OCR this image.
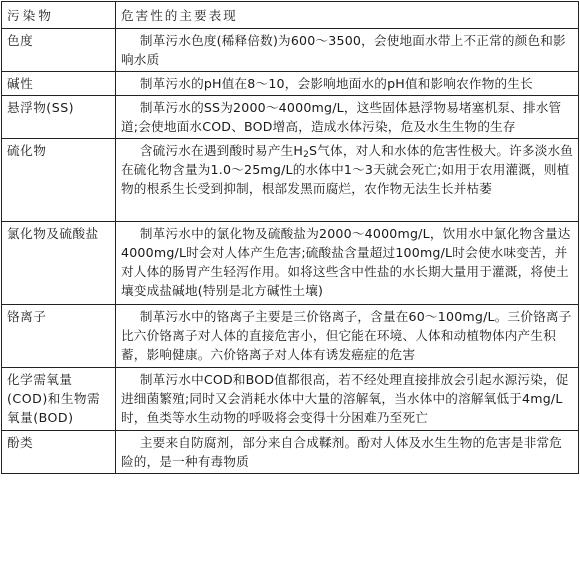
污染物	危害性的主要表现
色度	制革污水色度(稀释倍数)为600～3500，会使地面水带上不正常的颜色和影响水质
碱性	制革污水的pH值在8～10，会影响地面水的pH值和影响农作物的生长
悬浮物(SS)	制革污水的SS为2000～4000mg/L，这些固体悬浮物易堵塞机泵、排水管道;会使地面水COD、BOD增高，造成水体污染，危及水生生物的生存
硫化物	含硫污水在遇到酸时易产生$H_2S$气体，对人和水体的危害性极大。许多淡水鱼在硫化物含量为1.0～25mg/L的水体中1～3天就会死亡;如用于农用灌溉，则植物的根系生长受到抑制，根部发黑而腐烂，农作物无法生长并枯萎
氯化物及硫酸盐	制革污水中的氯化物及硫酸盐为2000～4000mg/L，饮用水中氯化物含量达4000mg/L时会对人体产生危害;硫酸盐含量超过100mg/L时会使水味变苦，并对人体的肠胃产生轻泻作用。如将这些含中性盐的水长期大量用于灌溉，将使土壤变成盐碱地(特别是北方碱性土壤)
铬离子	制革污水中的铬离子主要是三价铬离子，含量在60～100mg/L。三价铬离子比六价铬离子对人体的直接危害小，但它能在环境、人体和动植物体内产生积蓄，影响健康。六价铬离子对人体有诱发癌症的危害
化学需氧量(COD)和生物需氧量(BOD)	制革污水中COD和BOD值都很高，若不经处理直接排放会引起水源污染，促进细菌繁殖;同时又会消耗水体中大量的溶解氧，当水体中的溶解氧低于4mg/L时，鱼类等水生动物的呼吸将会变得十分困难乃至死亡
酚类	主要来自防腐剂，部分来自合成鞣剂。酚对人体及水生生物的危害是非常危险的，是一种有毒物质
